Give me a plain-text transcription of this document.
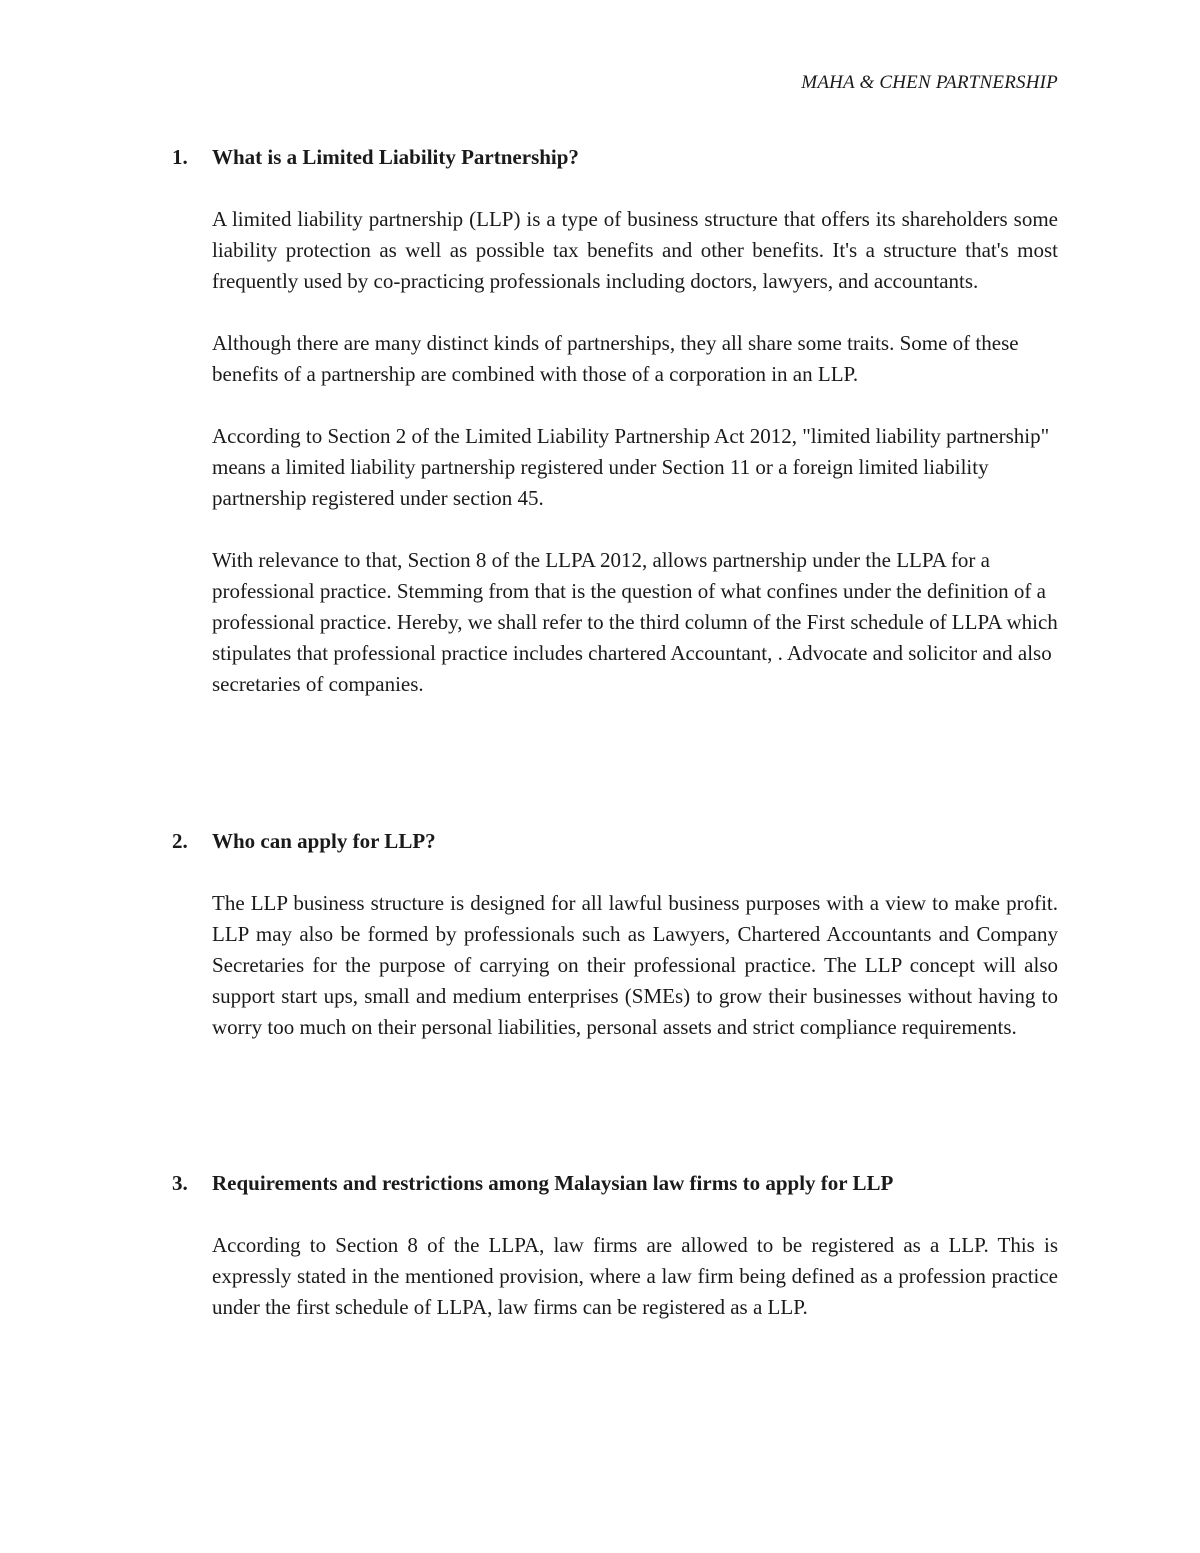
MAHA & CHEN PARTNERSHIP
1.	What is a Limited Liability Partnership?

A limited liability partnership (LLP) is a type of business structure that offers its shareholders some liability protection as well as possible tax benefits and other benefits. It's a structure that's most frequently used by co-practicing professionals including doctors, lawyers, and accountants.

Although there are many distinct kinds of partnerships, they all share some traits. Some of these benefits of a partnership are combined with those of a corporation in an LLP.

According to Section 2 of the Limited Liability Partnership Act 2012, "limited liability partnership" means a limited liability partnership registered under Section 11 or a foreign limited liability partnership registered under section 45.

With relevance to that, Section 8 of the LLPA 2012, allows partnership under the LLPA for a professional practice. Stemming from that is the question of what confines under the definition of a professional practice. Hereby, we shall refer to the third column of the First schedule of LLPA which stipulates that professional practice includes chartered Accountant, . Advocate and solicitor and also secretaries of companies.

2.	Who can apply for LLP?

The LLP business structure is designed for all lawful business purposes with a view to make profit. LLP may also be formed by professionals such as Lawyers, Chartered Accountants and Company Secretaries for the purpose of carrying on their professional practice. The LLP concept will also support start ups, small and medium enterprises (SMEs) to grow their businesses without having to worry too much on their personal liabilities, personal assets and strict compliance requirements.

3.	Requirements and restrictions among Malaysian law firms to apply for LLP

According to Section 8 of the LLPA, law firms are allowed to be registered as a LLP. This is expressly stated in the mentioned provision, where a law firm being defined as a profession practice under the first schedule of LLPA, law firms can be registered as a LLP.
